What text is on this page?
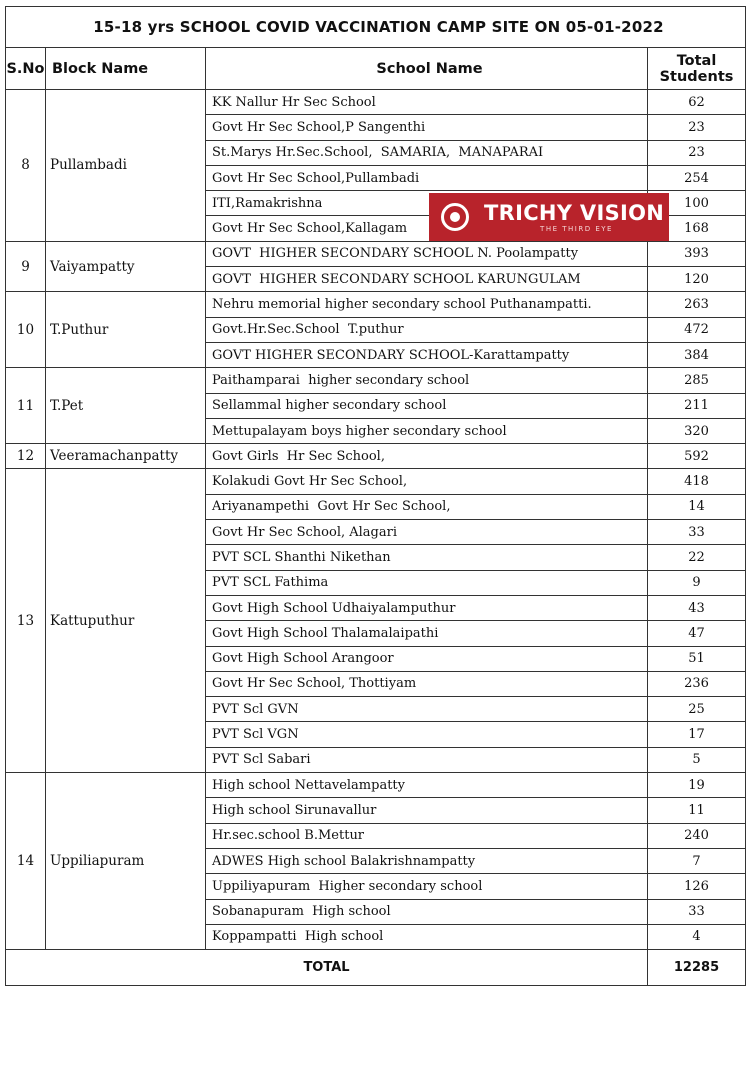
15-18 yrs SCHOOL COVID VACCINATION CAMP SITE ON 05-01-2022			
S.No	Block Name	School Name	Total Students
8	Pullambadi	KK Nallur Hr Sec School	62
		Govt Hr Sec School,P Sangenthi	23
		St.Marys Hr.Sec.School,  SAMARIA,  MANAPARAI	23
		Govt Hr Sec School,Pullambadi	254
		ITI,Ramakrishna	100
		Govt Hr Sec School,Kallagam	168
9	Vaiyampatty	GOVT  HIGHER SECONDARY SCHOOL N. Poolampatty	393
		GOVT  HIGHER SECONDARY SCHOOL KARUNGULAM	120
10	T.Puthur	Nehru memorial higher secondary school Puthanampatti.	263
		Govt.Hr.Sec.School  T.puthur	472
		GOVT HIGHER SECONDARY SCHOOL-Karattampatty	384
11	T.Pet	Paithamparai  higher secondary school	285
		Sellammal higher secondary school	211
		Mettupalayam boys higher secondary school	320
12	Veeramachanpatty	Govt Girls  Hr Sec School,	592
13	Kattuputhur	Kolakudi Govt Hr Sec School,	418
		Ariyanampethi  Govt Hr Sec School,	14
		Govt Hr Sec School, Alagari	33
		PVT SCL Shanthi Nikethan	22
		PVT SCL Fathima	9
		Govt High School Udhaiyalamputhur	43
		Govt High School Thalamalaipathi	47
		Govt High School Arangoor	51
		Govt Hr Sec School, Thottiyam	236
		PVT Scl GVN	25
		PVT Scl VGN	17
		PVT Scl Sabari	5
14	Uppiliapuram	High school Nettavelampatty	19
		High school Sirunavallur	11
		Hr.sec.school B.Mettur	240
		ADWES High school Balakrishnampatty	7
		Uppiliyapuram  Higher secondary school	126
		Sobanapuram  High school	33
		Koppampatti  High school	4
TOTAL			12285
TRICHY VISION
THE THIRD EYE
